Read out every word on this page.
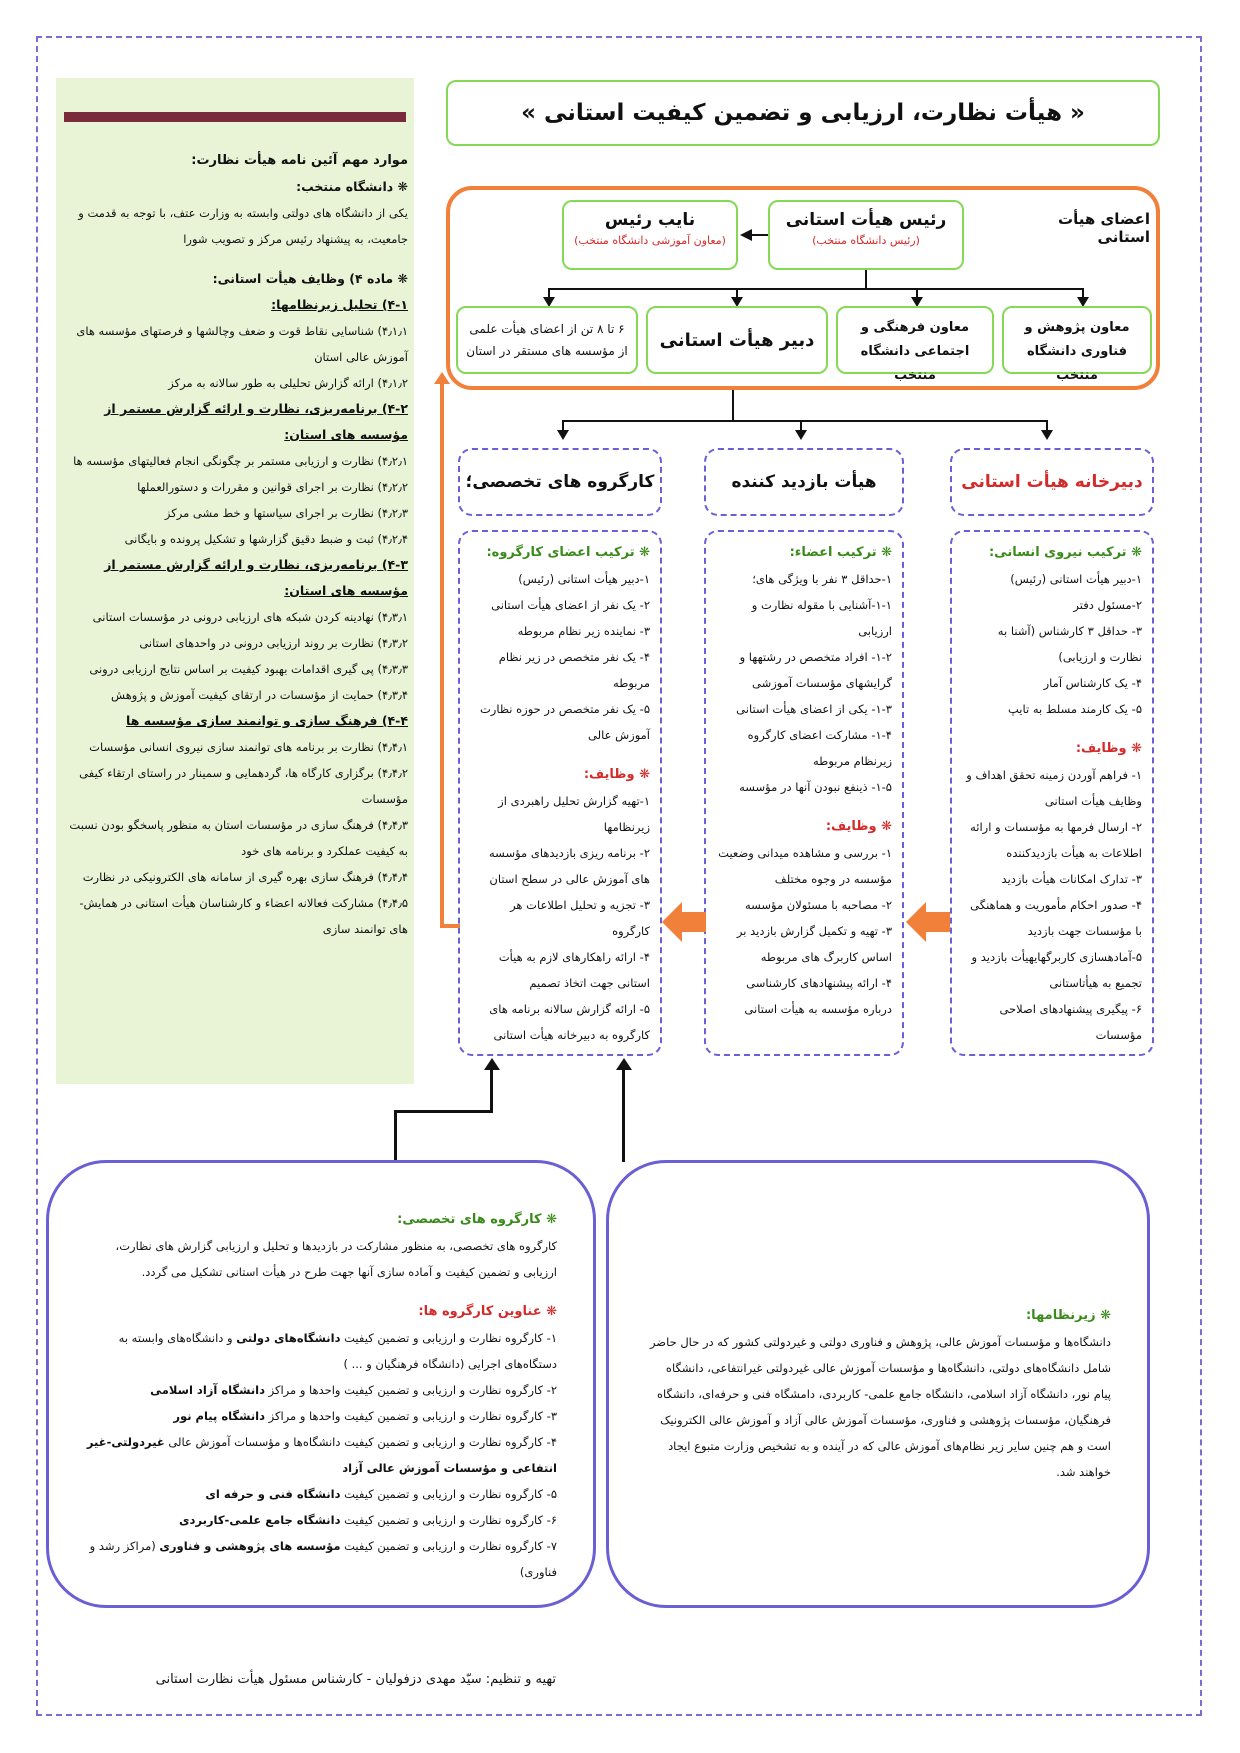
« هیأت نظارت، ارزیابی و تضمین کیفیت استانی »
اعضای هیأت استانی
رئیس هیأت استانی
(رئیس دانشگاه منتخب)
نایب رئیس
(معاون آموزشی دانشگاه منتخب)
معاون پژوهش و فناوری دانشگاه منتخب
معاون فرهنگی و اجتماعی دانشگاه منتخب
دبیر هیأت استانی
۶ تا ۸ تن از اعضای هیأت علمی از مؤسسه های مستقر در استان
دبیرخانه هیأت استانی
هیأت بازدید کننده
کارگروه های تخصصی؛
❋ ترکیب نیروی انسانی:
۱-دبیر هیأت استانی (رئیس)
۲-مسئول دفتر
۳- حداقل ۳ کارشناس (آشنا به نظارت و ارزیابی)
۴- یک کارشناس آمار
۵- یک کارمند مسلط به تایپ
❋ وظایف:
۱- فراهم آوردن زمینه تحقق اهداف و وظایف هیأت استانی
۲- ارسال فرمها به مؤسسات و ارائه اطلاعات به هیأت بازدیدکننده
۳- تدارک امکانات هیأت بازدید
۴- صدور احکام مأموریت و هماهنگی با مؤسسات جهت بازدید
۵-آمادهسازی کاربرگهایهیأت بازدید و تجمیع به هیأتاستانی
۶- پیگیری پیشنهادهای اصلاحی مؤسسات
❋ ترکیب اعضاء:
۱-حداقل ۳ نفر با ویژگی های؛
۱-۱-آشنایی با مقوله نظارت و ارزیابی
۱-۲- افراد متخصص در رشتهها و گرایشهای مؤسسات آموزشی
۱-۳- یکی از اعضای هیأت استانی
۱-۴- مشارکت اعضای کارگروه زیرنظام مربوطه
۱-۵- ذینفع نبودن آنها در مؤسسه
❋ وظایف:
۱- بررسی و مشاهده میدانی وضعیت مؤسسه در وجوه مختلف
۲- مصاحبه با مسئولان مؤسسه
۳- تهیه و تکمیل گزارش بازدید بر اساس کاربرگ های مربوطه
۴- ارائه پیشنهادهای کارشناسی درباره مؤسسه به هیأت استانی
❋ ترکیب اعضای کارگروه:
۱-دبیر هیأت استانی (رئیس)
۲- یک نفر از اعضای هیأت استانی
۳- نماینده زیر نظام مربوطه
۴- یک نفر متخصص در زیر نظام مربوطه
۵- یک نفر متخصص در حوزه نظارت آموزش عالی
❋ وظایف:
۱-تهیه گزارش تحلیل راهبردی از زیرنظامها
۲- برنامه ریزی بازدیدهای مؤسسه های آموزش عالی در سطح استان
۳- تجزیه و تحلیل اطلاعات هر کارگروه
۴- ارائه راهکارهای لازم به هیأت استانی جهت اتخاذ تصمیم
۵- ارائه گزارش سالانه برنامه های کارگروه به دبیرخانه هیأت استانی
موارد مهم آئین نامه هیأت نظارت:
❋ دانشگاه منتخب:
یکی از دانشگاه های دولتی وابسته به وزارت عتف، با توجه به قدمت و جامعیت، به پیشنهاد رئیس مرکز و تصویب شورا
❋ ماده ۴) وظایف هیأت استانی:
۴-۱) تحلیل زیرنظامها:
۴٫۱٫۱) شناسایی نقاط قوت و ضعف وچالشها و فرصتهای مؤسسه های آموزش عالی استان
۴٫۱٫۲) ارائه گزارش تحلیلی به طور سالانه به مرکز
۴-۲) برنامه‌ریزی، نظارت و ارائه گزارش مستمر از مؤسسه های استان:
۴٫۲٫۱) نظارت و ارزیابی مستمر بر چگونگی انجام فعالیتهای مؤسسه ها
۴٫۲٫۲) نظارت بر اجرای قوانین و مقررات و دستورالعملها
۴٫۲٫۳) نظارت بر اجرای سیاستها و خط مشی مرکز
۴٫۲٫۴) ثبت و ضبط دقیق گزارشها و تشکیل پرونده و بایگانی
۴-۳) برنامه‌ریزی، نظارت و ارائه گزارش مستمر از مؤسسه های استان:
۴٫۳٫۱) نهادینه کردن شبکه های ارزیابی درونی در مؤسسات استانی
۴٫۳٫۲) نظارت بر روند ارزیابی درونی در واحدهای استانی
۴٫۳٫۳) پی گیری اقدامات بهبود کیفیت بر اساس نتایج ارزیابی درونی
۴٫۳٫۴) حمایت از مؤسسات در ارتقای کیفیت آموزش و پژوهش
۴-۴) فرهنگ سازی و توانمند سازی مؤسسه ها
۴٫۴٫۱) نظارت بر برنامه های توانمند سازی نیروی انسانی مؤسسات
۴٫۴٫۲) برگزاری کارگاه ها، گردهمایی و سمینار در راستای ارتقاء کیفی مؤسسات
۴٫۴٫۳) فرهنگ سازی در مؤسسات استان به منظور پاسخگو بودن نسبت به کیفیت عملکرد و برنامه های خود
۴٫۴٫۴) فرهنگ سازی بهره گیری از سامانه های الکترونیکی در نظارت
۴٫۴٫۵) مشارکت فعالانه اعضاء و کارشناسان هیأت استانی در همایش-های توانمند سازی
❋ کارگروه های تخصصی:
کارگروه های تخصصی، به منظور مشارکت در بازدیدها و تحلیل و ارزیابی گزارش های نظارت، ارزیابی و تضمین کیفیت و آماده سازی آنها جهت طرح در هیأت استانی تشکیل می گردد.
❋ عناوین کارگروه ها:
۱- کارگروه نظارت و ارزیابی و تضمین کیفیت دانشگاه‌های دولتی و دانشگاه‌های وابسته به دستگاه‌های اجرایی (دانشگاه فرهنگیان و ... )
۲- کارگروه نظارت و ارزیابی و تضمین کیفیت واحدها و مراکز دانشگاه آزاد اسلامی
۳- کارگروه نظارت و ارزیابی و تضمین کیفیت واحدها و مراکز دانشگاه پیام نور
۴- کارگروه نظارت و ارزیابی و تضمین کیفیت دانشگاه‌ها و مؤسسات آموزش عالی غیردولتی-غیر انتفاعی و مؤسسات آموزش عالی آزاد
۵- کارگروه نظارت و ارزیابی و تضمین کیفیت دانشگاه فنی و حرفه ای
۶- کارگروه نظارت و ارزیابی و تضمین کیفیت دانشگاه جامع علمی-کاربردی
۷- کارگروه نظارت و ارزیابی و تضمین کیفیت مؤسسه های پژوهشی و فناوری (مراکز رشد و فناوری)
❋ زیرنظامها:
دانشگاه‌ها و مؤسسات آموزش عالی، پژوهش و فناوری دولتی و غیردولتی کشور که در حال حاضر شامل دانشگاه‌های دولتی، دانشگاه‌ها و مؤسسات آموزش عالی غیردولتی غیرانتفاعی، دانشگاه پیام نور، دانشگاه آزاد اسلامی، دانشگاه جامع علمی- کاربردی، دامشگاه فنی و حرفه‌ای، دانشگاه فرهنگیان، مؤسسات پژوهشی و فناوری، مؤسسات آموزش عالی آزاد و آموزش عالی الکترونیک است و هم چنین سایر زیر نظام‌های آموزش عالی که در آینده و به تشخیص وزارت متبوع ایجاد خواهند شد.
تهیه و تنظیم: سیّد مهدی دزفولیان - کارشناس مسئول هیأت نظارت استانی
